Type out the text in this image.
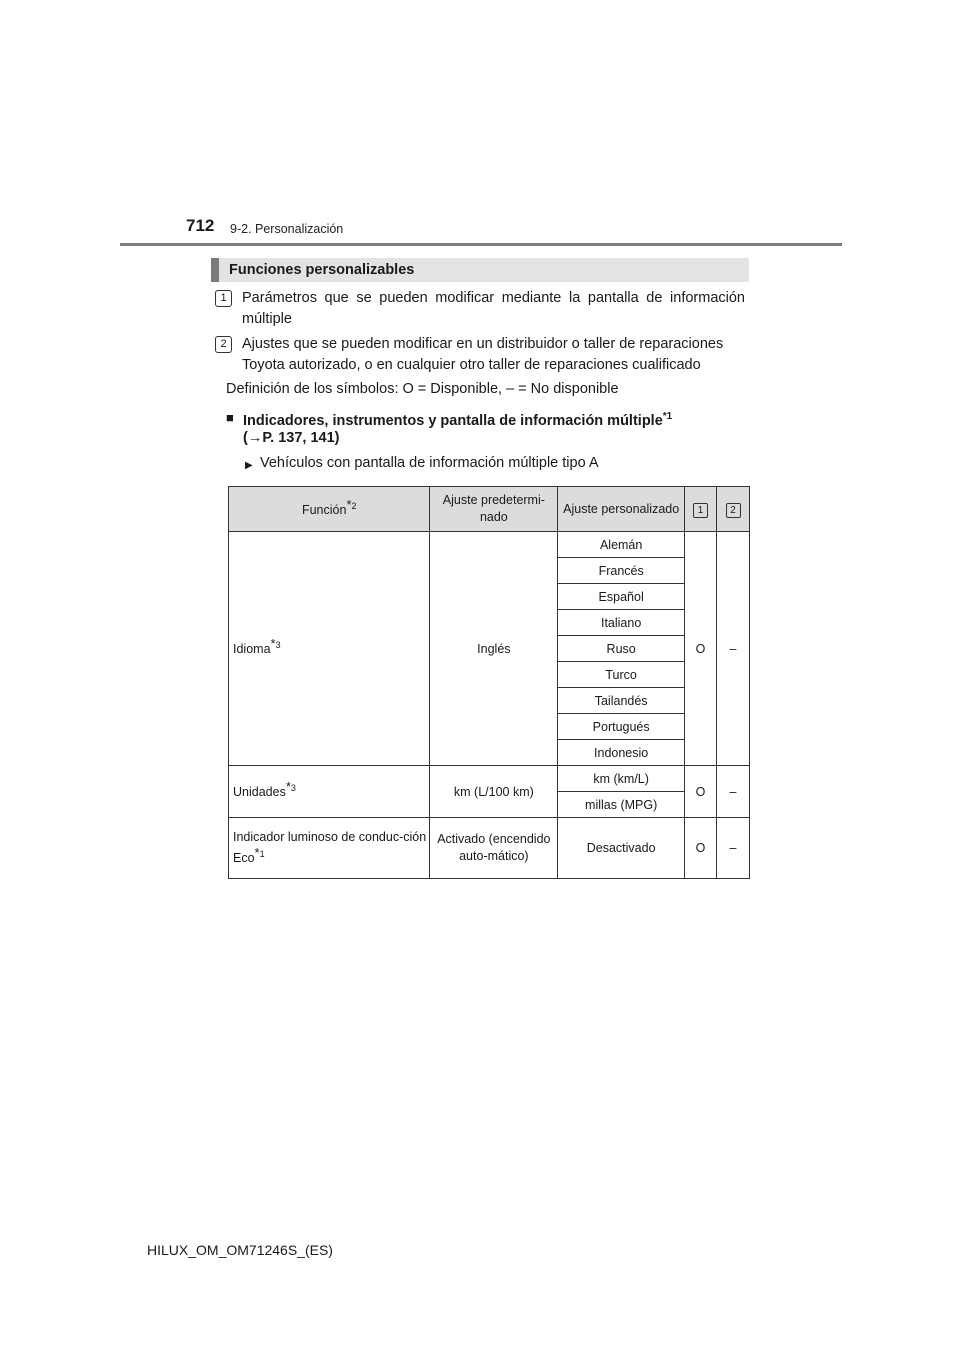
712 9-2. Personalización
Funciones personalizables
1	Parámetros que se pueden modificar mediante la pantalla de información múltiple
2	Ajustes que se pueden modificar en un distribuidor o taller de reparaciones Toyota autorizado, o en cualquier otro taller de reparaciones cualificado
Definición de los símbolos: O = Disponible, – = No disponible
■ Indicadores, instrumentos y pantalla de información múltiple$^{*1}$
(→P. 137, 141)
▶ Vehículos con pantalla de información múltiple tipo A
Función*$^2$	Ajuste predetermi-nado	Ajuste personalizado	1	2
Idioma*$^3$	Inglés	Alemán	O	–
		Francés		
		Español		
		Italiano		
		Ruso		
		Turco		
		Tailandés		
		Portugués		
		Indonesio		
Unidades*$^3$	km (L/100 km)	km (km/L)	O	–
		millas (MPG)		
Indicador luminoso de conduc-ción Eco*$^1$	Activado (encendido auto-mático)	Desactivado	O	–
HILUX_OM_OM71246S_(ES)
